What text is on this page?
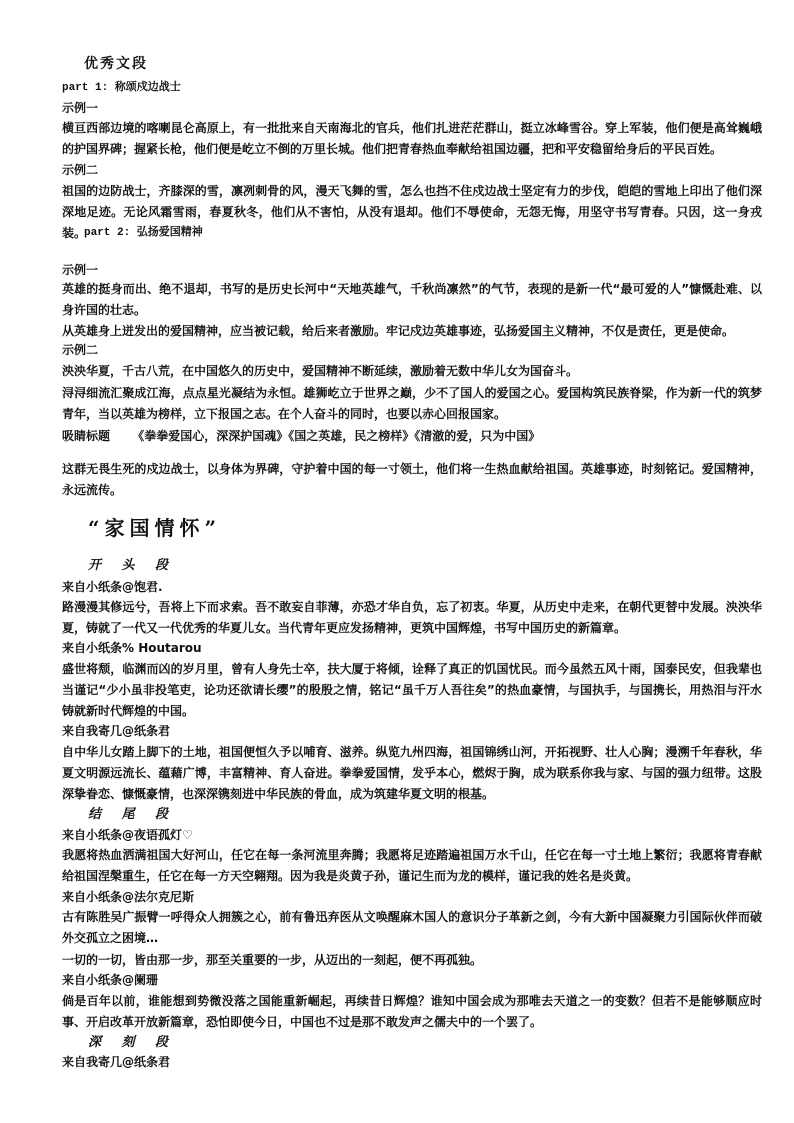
优秀文段
part 1: 称颂戍边战士
示例一
横亘西部边境的喀喇昆仑高原上，有一批批来自天南海北的官兵，他们扎进茫茫群山，挺立冰峰雪谷。穿上军装，他们便是高耸巍峨的护国界碑；握紧长枪，他们便是屹立不倒的万里长城。他们把青春热血奉献给祖国边疆，把和平安稳留给身后的平民百姓。
示例二
祖国的边防战士，齐膝深的雪，凛冽刺骨的风，漫天飞舞的雪，怎么也挡不住戍边战士坚定有力的步伐，皑皑的雪地上印出了他们深深地足迹。无论风霜雪雨，春夏秋冬，他们从不害怕，从没有退却。他们不辱使命，无怨无悔，用坚守书写青春。只因，这一身戎装。
part 2: 弘扬爱国精神
示例一
英雄的挺身而出、绝不退却，书写的是历史长河中“天地英雄气，千秋尚凛然”的气节，表现的是新一代“最可爱的人”慷慨赴难、以身许国的壮志。
从英雄身上迸发出的爱国精神，应当被记载，给后来者激励。牢记戍边英雄事迹，弘扬爱国主义精神，不仅是责任，更是使命。
示例二
泱泱华夏，千古八荒，在中国悠久的历史中，爱国精神不断延续，激励着无数中华儿女为国奋斗。
浔浔细流汇聚成江海，点点星光凝结为永恒。雄狮屹立于世界之巅，少不了国人的爱国之心。爱国构筑民族脊梁，作为新一代的筑梦青年，当以英雄为榜样，立下报国之志。在个人奋斗的同时，也要以赤心回报国家。
吸睛标题 《拳拳爱国心，深深护国魂》《国之英雄，民之榜样》《清澈的爱，只为中国》
这群无畏生死的戍边战士，以身体为界碑，守护着中国的每一寸领土，他们将一生热血献给祖国。英雄事迹，时刻铭记。爱国精神，永远流传。
“家国情怀”
开 头 段
来自小纸条@饱君.
路漫漫其修远兮，吾将上下而求索。吾不敢妄自菲薄，亦恐才华自负，忘了初衷。华夏，从历史中走来，在朝代更替中发展。泱泱华夏，铸就了一代又一代优秀的华夏儿女。当代青年更应发扬精神，更筑中国辉煌，书写中国历史的新篇章。
来自小纸条% Houtarou
盛世将颓，临渊而凶的岁月里，曾有人身先士卒，扶大厦于将倾，诠释了真正的饥国忧民。而今虽然五风十雨，国泰民安，但我辈也当谨记“少小虽非投笔吏，论功还欲请长缨”的殷殷之情，铭记“虽千万人吾往矣”的热血豪情，与国执手，与国携长，用热泪与汗水铸就新时代辉煌的中国。
来自我寄几@纸条君
自中华儿女踏上脚下的土地，祖国便恒久予以哺育、滋养。纵览九州四海，祖国锦绣山河，开拓视野、壮人心胸；漫溯千年春秋，华夏文明源远流长、蕴藉广博，丰富精神、育人奋进。拳拳爱国情，发乎本心，燃烬于胸，成为联系你我与家、与国的强力纽带。这股深挚眷恋、慷慨豪情，也深深镌刻进中华民族的骨血，成为筑建华夏文明的根基。
结 尾 段
来自小纸条@夜语孤灯♡
我愿将热血洒满祖国大好河山，任它在每一条河流里奔腾；我愿将足迹踏遍祖国万水千山，任它在每一寸土地上繁衍；我愿将青春献给祖国涅槃重生，任它在每一方天空翱翔。因为我是炎黄子孙，谨记生而为龙的模样，谨记我的姓名是炎黄。
来自小纸条@法尔克尼斯
古有陈胜吴广振臂一呼得众人拥簇之心，前有鲁迅弃医从文唤醒麻木国人的意识分子革新之剑，今有大新中国凝聚力引国际伙伴而破外交孤立之困境…
一切的一切，皆由那一步，那至关重要的一步，从迈出的一刻起，便不再孤独。
来自小纸条@阑珊
倘是百年以前，谁能想到势微没落之国能重新崛起，再续昔日辉煌？谁知中国会成为那唯去天道之一的变数？但若不是能够顺应时事、开启改革开放新篇章，恐怕即使今日，中国也不过是那不敢发声之儒夫中的一个罢了。
深 刻 段
来自我寄几@纸条君
